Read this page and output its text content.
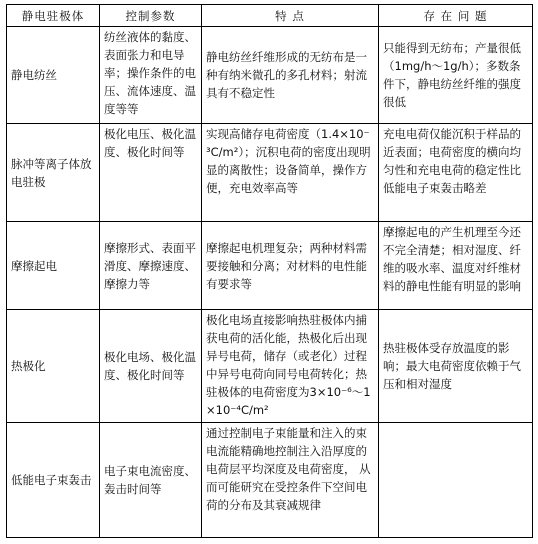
静电驻极体	控制参数	特 点	存 在 问 题
静电纺丝	纺丝液体的黏度、表面张力和电导率；操作条件的电压、流体速度、温度等等	静电纺丝纤维形成的无纺布是一种有纳米微孔的多孔材料；射流具有不稳定性	只能得到无纺布；产量很低（1mg/h～1g/h）；多数条件下，静电纺丝纤维的强度很低
脉冲等离子体放电驻极	极化电压、极化温度、极化时间等	实现高储存电荷密度（1.4×10⁻³C/m²）；沉积电荷的密度出现明显的离散性；设备简单，操作方便，充电效率高等	充电电荷仅能沉积于样品的近表面；电荷密度的横向均匀性和充电电荷的稳定性比低能电子束轰击略差
摩擦起电	摩擦形式、表面平滑度、摩擦速度、 摩擦力等	摩擦起电机理复杂；两种材料需要接触和分离；对材料的电性能有要求等	摩擦起电的产生机理至今还不完全清楚；相对湿度、纤维的吸水率、温度对纤维材料的静电性能有明显的影响
热极化	极化电场、极化温度、极化时间等	极化电场直接影响热驻极体内捕获电荷的活化能，热极化后出现异号电荷，储存（或老化）过程中异号电荷向同号电荷转化；热驻极体的电荷密度为3×10⁻⁶～1×10⁻⁴C/m²	热驻极体受存放温度的影响；最大电荷密度依赖于气压和相对湿度
低能电子束轰击	电子束电流密度、轰击时间等	通过控制电子束能量和注入的束电流能精确地控制注入沿厚度的电荷层平均深度及电荷密度， 从而可能研究在受控条件下空间电荷的分布及其衰减规律	
